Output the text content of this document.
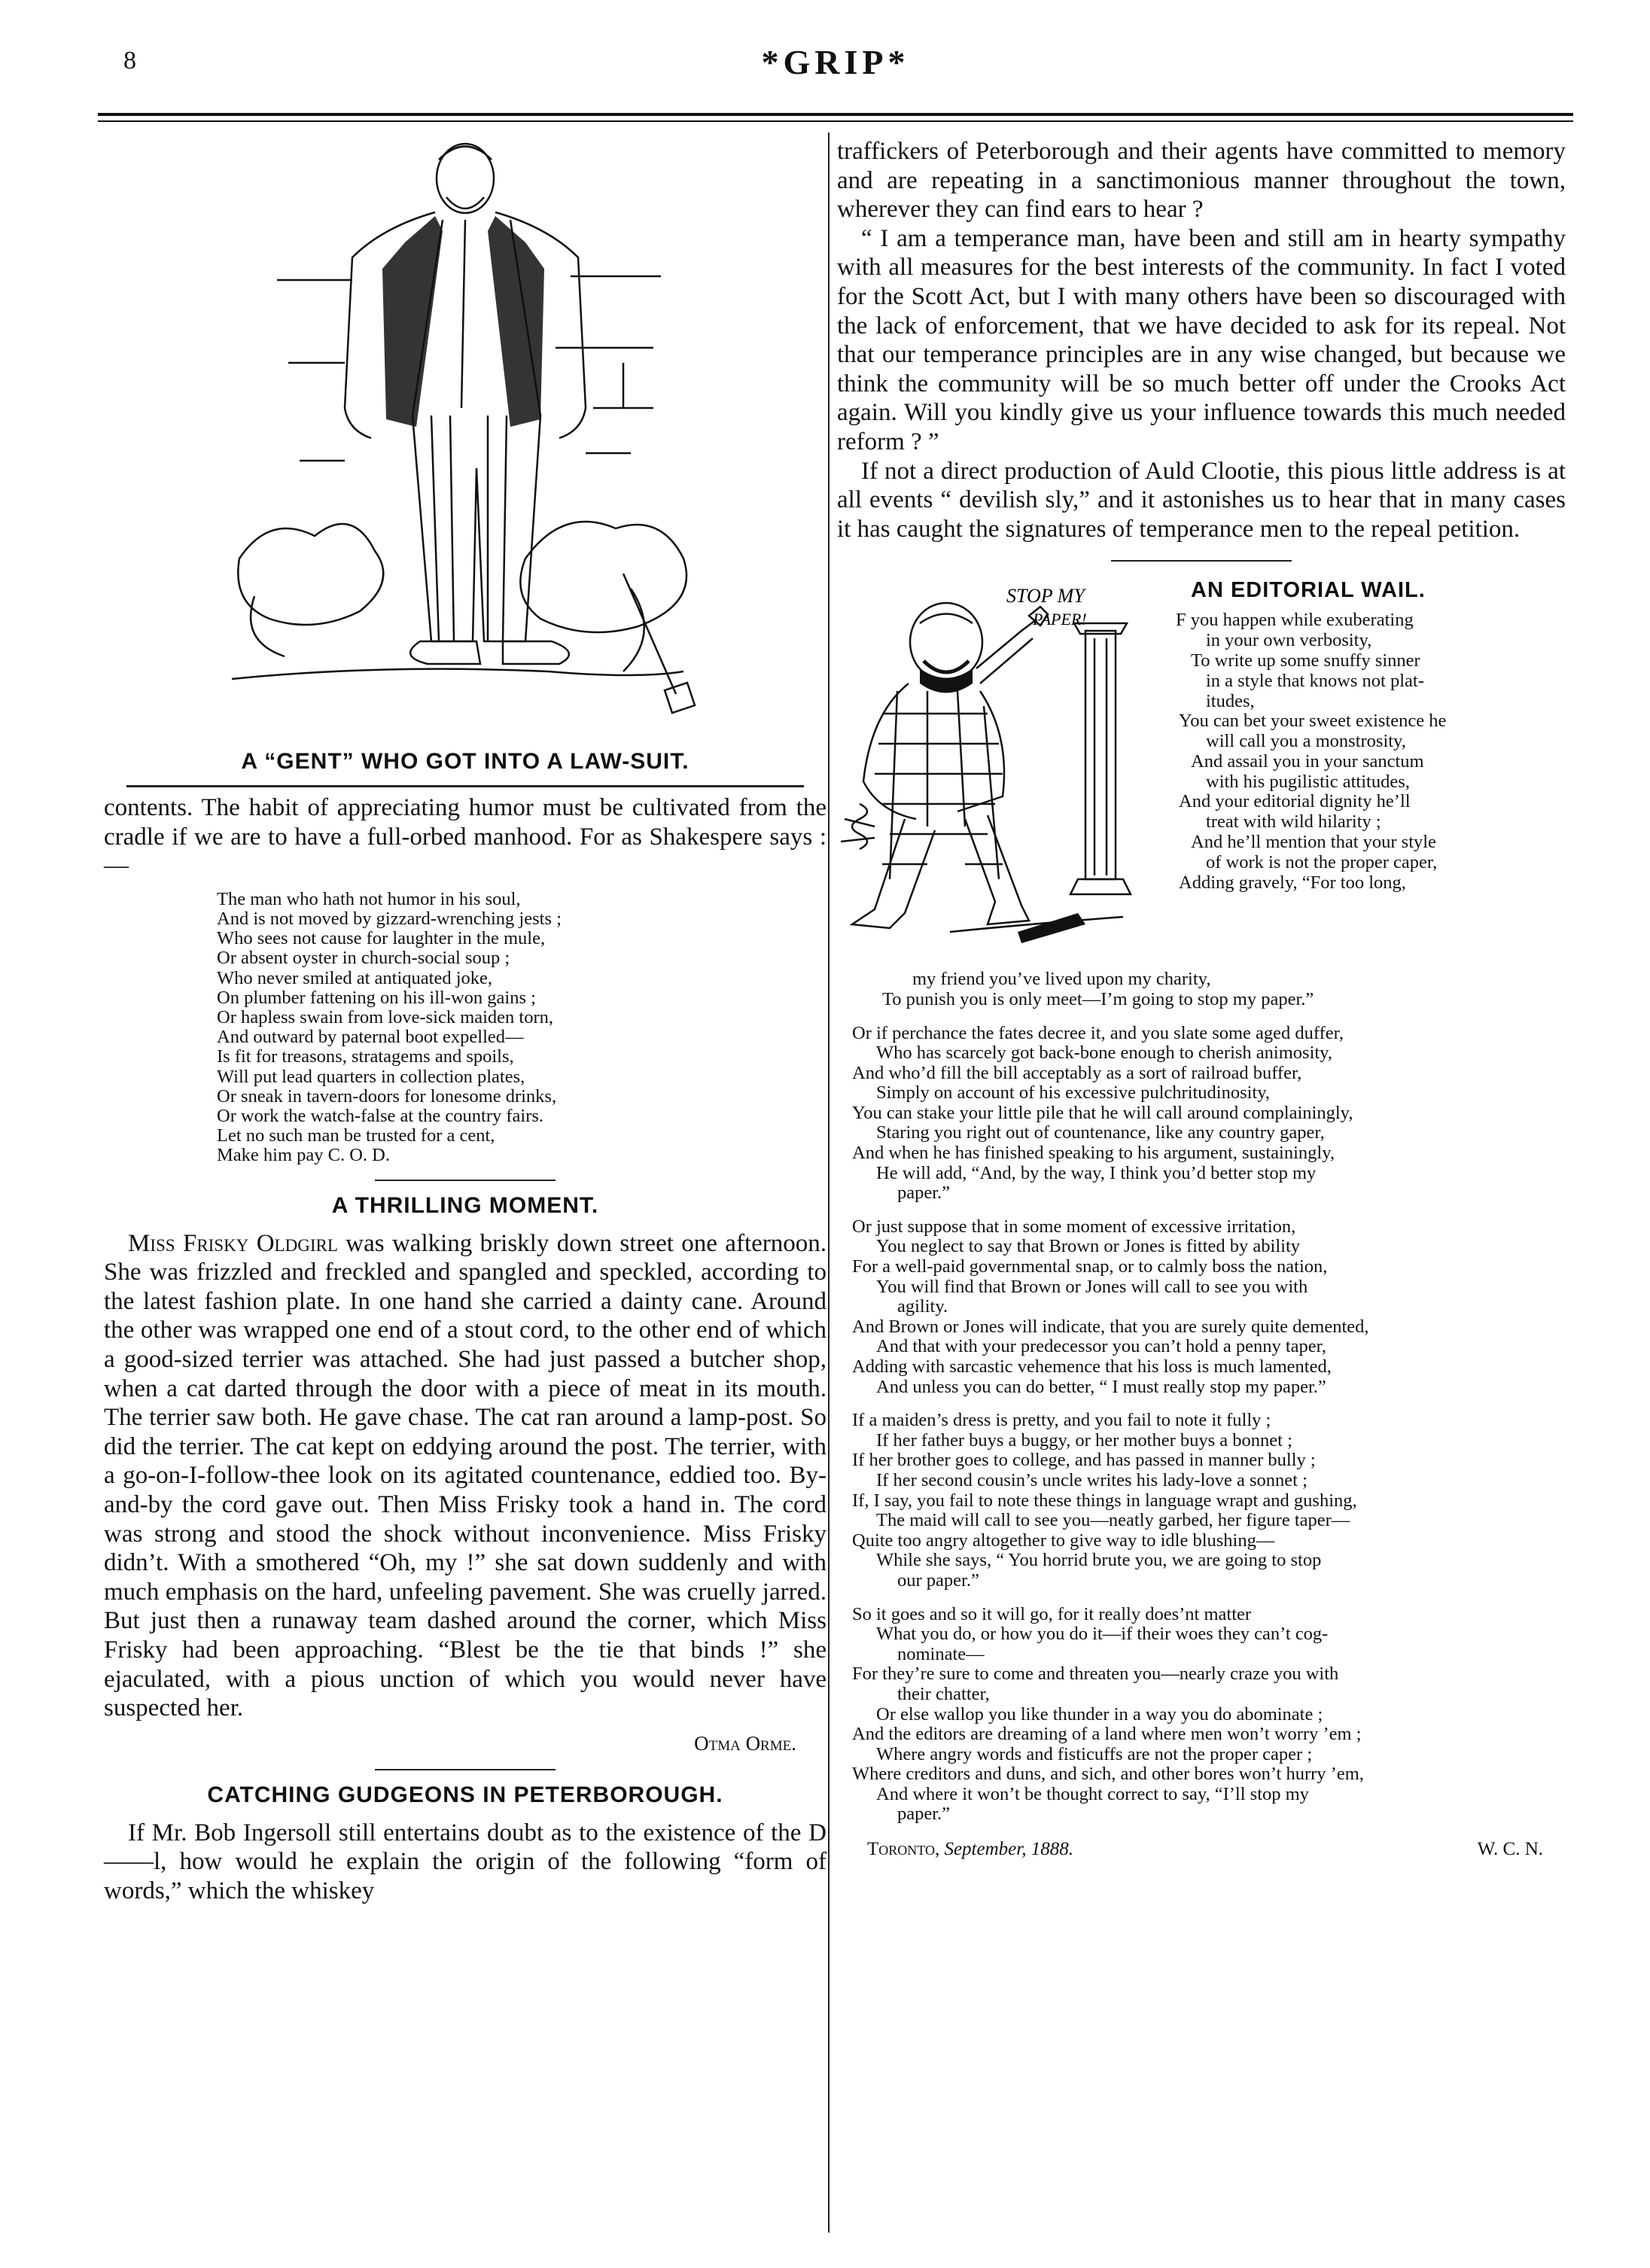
8	*GRIP*
A “GENT” WHO GOT INTO A LAW-SUIT.

contents. The habit of appreciating humor must be cultivated from the cradle if we are to have a full-orbed manhood. For as Shakespere says :—

The man who hath not humor in his soul,
And is not moved by gizzard-wrenching jests ;
Who sees not cause for laughter in the mule,
Or absent oyster in church-social soup ;
Who never smiled at antiquated joke,
On plumber fattening on his ill-won gains ;
Or hapless swain from love-sick maiden torn,
And outward by paternal boot expelled—
Is fit for treasons, stratagems and spoils,
Will put lead quarters in collection plates,
Or sneak in tavern-doors for lonesome drinks,
Or work the watch-false at the country fairs.
Let no such man be trusted for a cent,
Make him pay C. O. D.
A THRILLING MOMENT.

Miss Frisky Oldgirl was walking briskly down street one afternoon. She was frizzled and freckled and spangled and speckled, according to the latest fashion plate. In one hand she carried a dainty cane. Around the other was wrapped one end of a stout cord, to the other end of which a good-sized terrier was attached. She had just passed a butcher shop, when a cat darted through the door with a piece of meat in its mouth. The terrier saw both. He gave chase. The cat ran around a lamp-post. So did the terrier. The cat kept on eddying around the post. The terrier, with a go-on-I-follow-thee look on its agitated countenance, eddied too. By-and-by the cord gave out. Then Miss Frisky took a hand in. The cord was strong and stood the shock without inconvenience. Miss Frisky didn’t. With a smothered “Oh, my !” she sat down suddenly and with much emphasis on the hard, unfeeling pavement. She was cruelly jarred. But just then a runaway team dashed around the corner, which Miss Frisky had been approaching. “Blest be the tie that binds !” she ejaculated, with a pious unction of which you would never have suspected her.

Otma Orme.
CATCHING GUDGEONS IN PETERBOROUGH.

If Mr. Bob Ingersoll still entertains doubt as to the existence of the D——l, how would he explain the origin of the following “form of words,” which the whiskey

traffickers of Peterborough and their agents have committed to memory and are repeating in a sanctimonious manner throughout the town, wherever they can find ears to hear ?

“ I am a temperance man, have been and still am in hearty sympathy with all measures for the best interests of the community. In fact I voted for the Scott Act, but I with many others have been so discouraged with the lack of enforcement, that we have decided to ask for its repeal. Not that our temperance principles are in any wise changed, but because we think the community will be so much better off under the Crooks Act again. Will you kindly give us your influence towards this much needed reform ? ”

If not a direct production of Auld Clootie, this pious little address is at all events “ devilish sly,” and it astonishes us to hear that in many cases it has caught the signatures of temperance men to the repeal petition.

STOP MY
PAPER!
AN EDITORIAL WAIL.
F you happen while exuberating
in your own verbosity,
To write up some snuffy sinner
in a style that knows not plat-
itudes,
You can bet your sweet existence he
will call you a monstrosity,
And assail you in your sanctum
with his pugilistic attitudes,
And your editorial dignity he’ll
treat with wild hilarity ;
And he’ll mention that your style
of work is not the proper caper,
Adding gravely, “For too long,
my friend you’ve lived upon my charity,
To punish you is only meet—I’m going to stop my paper.”
Or if perchance the fates decree it, and you slate some aged duffer,
Who has scarcely got back-bone enough to cherish animosity,
And who’d fill the bill acceptably as a sort of railroad buffer,
Simply on account of his excessive pulchritudinosity,
You can stake your little pile that he will call around complainingly,
Staring you right out of countenance, like any country gaper,
And when he has finished speaking to his argument, sustainingly,
He will add, “And, by the way, I think you’d better stop my
paper.”
Or just suppose that in some moment of excessive irritation,
You neglect to say that Brown or Jones is fitted by ability
For a well-paid governmental snap, or to calmly boss the nation,
You will find that Brown or Jones will call to see you with
agility.
And Brown or Jones will indicate, that you are surely quite demented,
And that with your predecessor you can’t hold a penny taper,
Adding with sarcastic vehemence that his loss is much lamented,
And unless you can do better, “ I must really stop my paper.”
If a maiden’s dress is pretty, and you fail to note it fully ;
If her father buys a buggy, or her mother buys a bonnet ;
If her brother goes to college, and has passed in manner bully ;
If her second cousin’s uncle writes his lady-love a sonnet ;
If, I say, you fail to note these things in language wrapt and gushing,
The maid will call to see you—neatly garbed, her figure taper—
Quite too angry altogether to give way to idle blushing—
While she says, “ You horrid brute you, we are going to stop
our paper.”
So it goes and so it will go, for it really does’nt matter
What you do, or how you do it—if their woes they can’t cog-
nominate—
For they’re sure to come and threaten you—nearly craze you with
their chatter,
Or else wallop you like thunder in a way you do abominate ;
And the editors are dreaming of a land where men won’t worry ’em ;
Where angry words and fisticuffs are not the proper caper ;
Where creditors and duns, and sich, and other bores won’t hurry ’em,
And where it won’t be thought correct to say, “I’ll stop my
paper.”
Toronto, September, 1888.	W. C. N.
